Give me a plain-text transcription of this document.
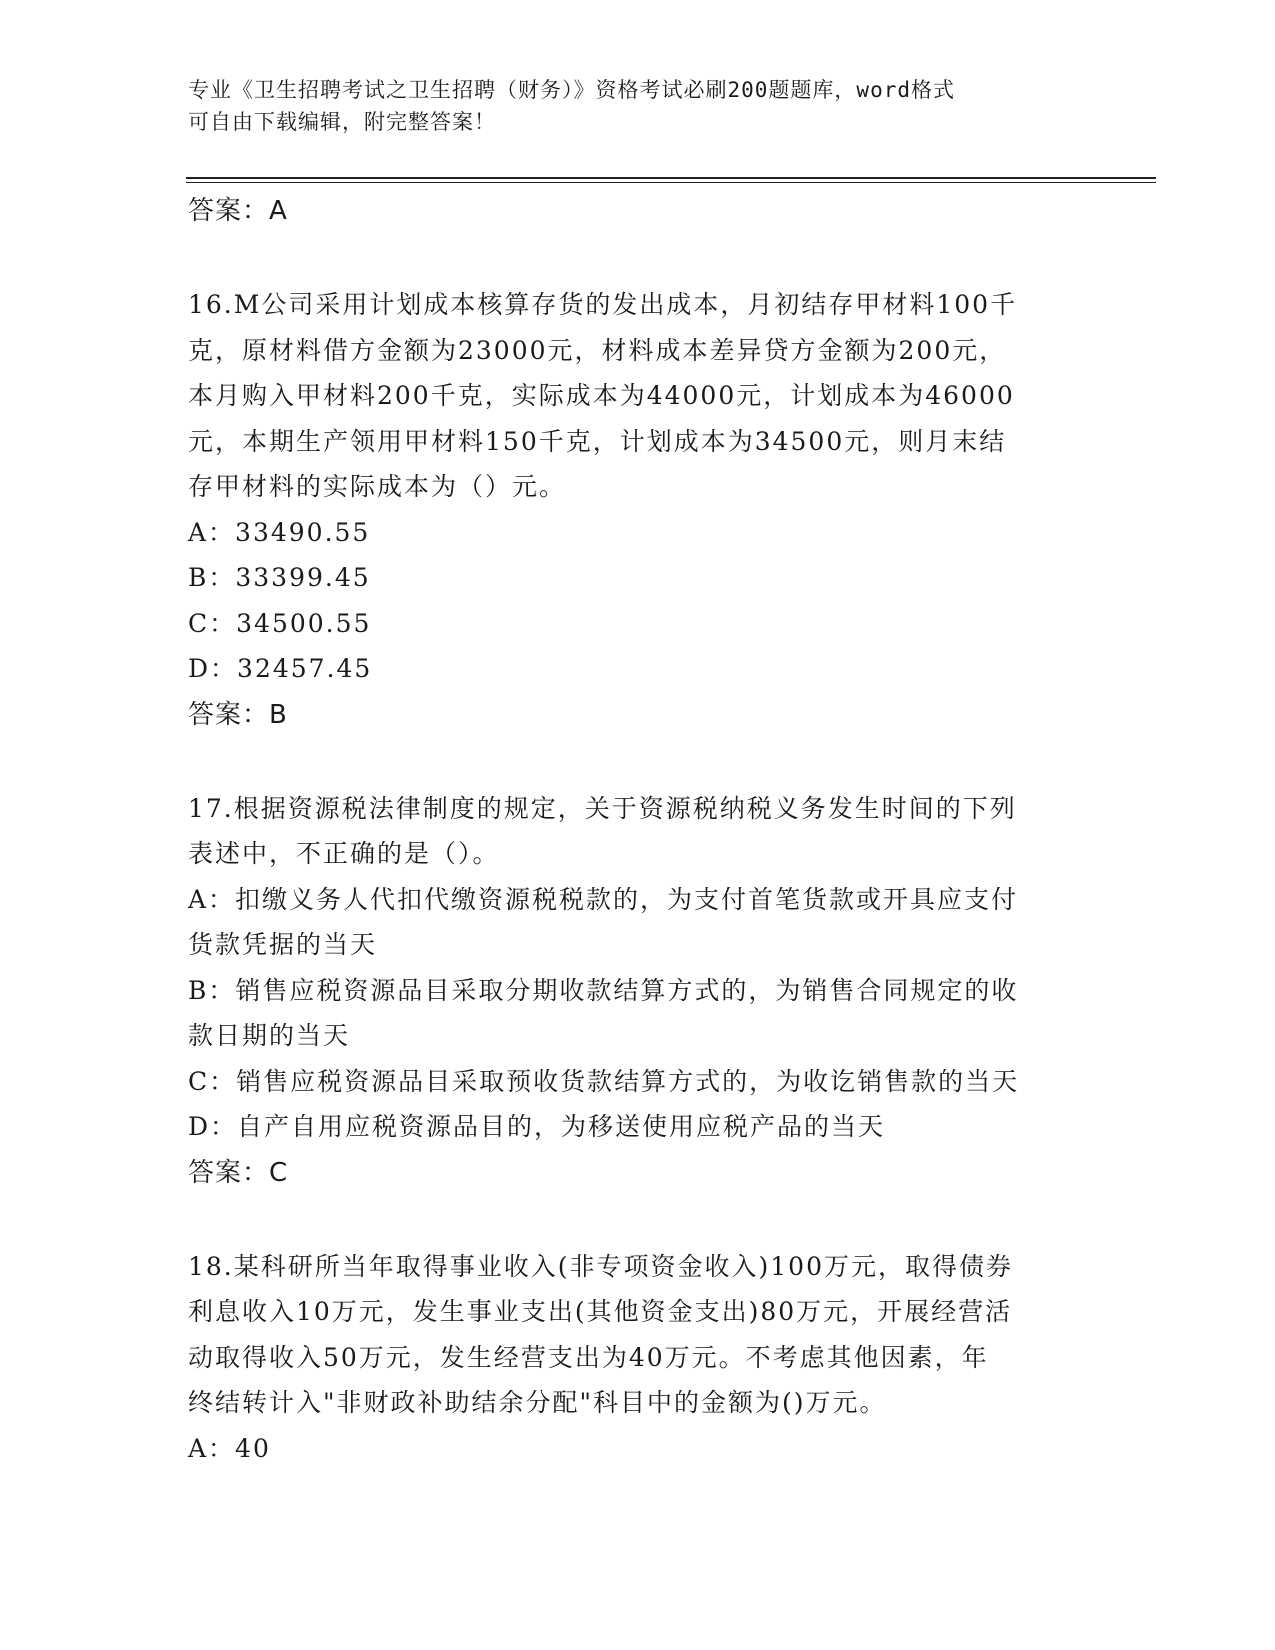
专业《卫生招聘考试之卫生招聘（财务）》资格考试必刷200题题库，word格式
可自由下载编辑，附完整答案！
答案：A

16.M公司采用计划成本核算存货的发出成本，月初结存甲材料100千

克，原材料借方金额为23000元，材料成本差异贷方金额为200元，

本月购入甲材料200千克，实际成本为44000元，计划成本为46000

元，本期生产领用甲材料150千克，计划成本为34500元，则月末结

存甲材料的实际成本为（）元。

A：33490.55

B：33399.45

C：34500.55

D：32457.45

答案：B

17.根据资源税法律制度的规定，关于资源税纳税义务发生时间的下列

表述中，不正确的是（）。

A：扣缴义务人代扣代缴资源税税款的，为支付首笔货款或开具应支付

货款凭据的当天

B：销售应税资源品目采取分期收款结算方式的，为销售合同规定的收

款日期的当天

C：销售应税资源品目采取预收货款结算方式的，为收讫销售款的当天

D：自产自用应税资源品目的，为移送使用应税产品的当天

答案：C

18.某科研所当年取得事业收入(非专项资金收入)100万元，取得债券

利息收入10万元，发生事业支出(其他资金支出)80万元，开展经营活

动取得收入50万元，发生经营支出为40万元。不考虑其他因素，年

终结转计入"非财政补助结余分配"科目中的金额为()万元。

A：40
